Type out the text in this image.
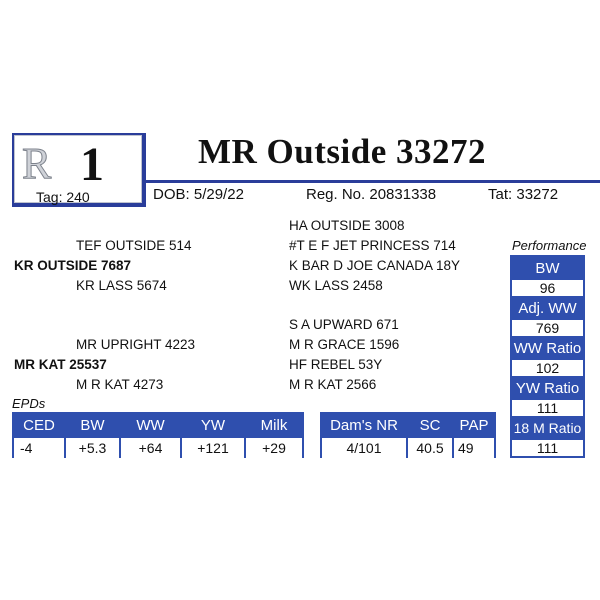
R 1
Tag: 240
MR Outside 33272
DOB: 5/29/22	Reg. No. 20831338	Tat: 33272
HA OUTSIDE 3008
TEF OUTSIDE 514	#T E F JET PRINCESS 714
KR OUTSIDE 7687	K BAR D JOE CANADA 18Y
KR LASS 5674	WK LASS 2458
S A UPWARD 671
MR UPRIGHT 4223	M R GRACE 1596
MR KAT 25537	HF REBEL 53Y
M R KAT 4273	M R KAT 2566
EPDs
CED	BW	WW	YW	Milk
-4	+5.3	+64	+121	+29
Dam's NR	SC	PAP
4/101	40.5	49
Performance
BW
96
Adj. WW
769
WW Ratio
102
YW Ratio
111
18 M Ratio
111
